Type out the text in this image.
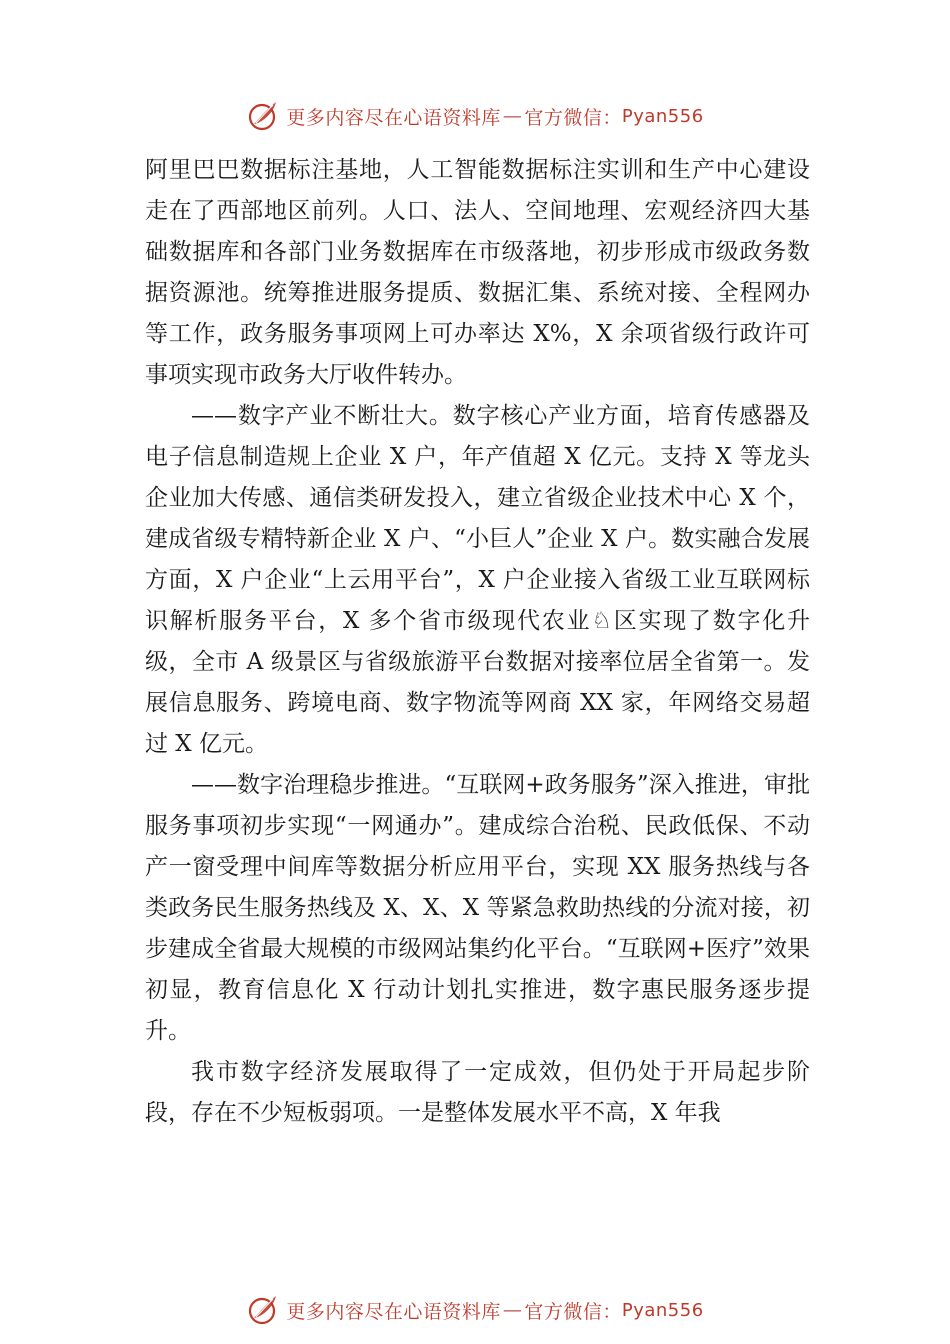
更多内容尽在心语资料库 — 官方微信： Pyan556

阿里巴巴数据标注基地，人工智能数据标注实训和生产中心建设走在了西部地区前列。人口、法人、空间地理、宏观经济四大基础数据库和各部门业务数据库在市级落地，初步形成市级政务数据资源池。统筹推进服务提质、数据汇集、系统对接、全程网办等工作，政务服务事项网上可办率达 X%，X 余项省级行政许可事项实现市政务大厅收件转办。

——数字产业不断壮大。数字核心产业方面，培育传感器及电子信息制造规上企业 X 户，年产值超 X 亿元。支持 X 等龙头企业加大传感、通信类研发投入，建立省级企业技术中心 X 个，建成省级专精特新企业 X 户、“小巨人”企业 X 户。数实融合发展方面，X 户企业“上云用平台”，X 户企业接入省级工业互联网标识解析服务平台，X 多个省市级现代农业♘区实现了数字化升级，全市 A 级景区与省级旅游平台数据对接率位居全省第一。发展信息服务、跨境电商、数字物流等网商 XX 家，年网络交易超过 X 亿元。

——数字治理稳步推进。“互联网+政务服务”深入推进，审批服务事项初步实现“一网通办”。建成综合治税、民政低保、不动产一窗受理中间库等数据分析应用平台，实现 XX 服务热线与各类政务民生服务热线及 X、X、X 等紧急救助热线的分流对接，初步建成全省最大规模的市级网站集约化平台。“互联网+医疗”效果初显，教育信息化 X 行动计划扎实推进，数字惠民服务逐步提升。

我市数字经济发展取得了一定成效，但仍处于开局起步阶段，存在不少短板弱项。一是整体发展水平不高，X 年我

更多内容尽在心语资料库 — 官方微信： Pyan556
